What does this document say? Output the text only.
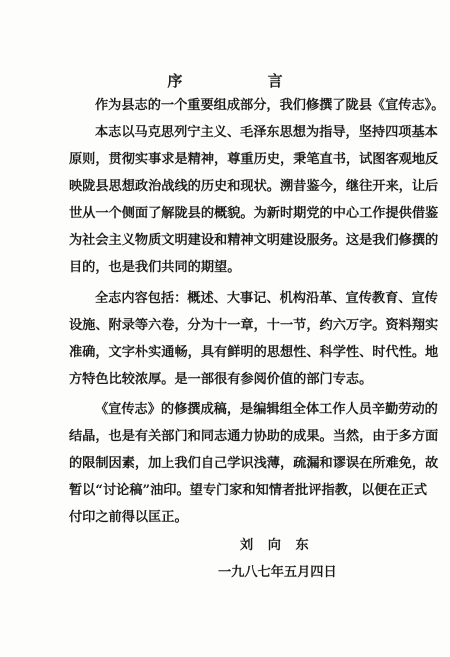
序 言
作为县志的一个重要组成部分，我们修撰了陇县《宣传志》。
本志以马克思列宁主义、毛泽东思想为指导，坚持四项基本
原则，贯彻实事求是精神，尊重历史，秉笔直书，试图客观地反
映陇县思想政治战线的历史和现状。溯昔鉴今，继往开来，让后
世从一个侧面了解陇县的概貌。为新时期党的中心工作提供借鉴
为社会主义物质文明建设和精神文明建设服务。这是我们修撰的
目的，也是我们共同的期望。
全志内容包括：概述、大事记、机构沿革、宣传教育、宣传
设施、附录等六卷，分为十一章，十一节，约六万字。资料翔实
准确，文字朴实通畅，具有鲜明的思想性、科学性、时代性。地
方特色比较浓厚。是一部很有参阅价值的部门专志。
《宣传志》的修撰成稿，是编辑组全体工作人员辛勤劳动的
结晶，也是有关部门和同志通力协助的成果。当然，由于多方面
的限制因素，加上我们自己学识浅薄，疏漏和谬误在所难免，故
暂以“讨论稿”油印。望专门家和知情者批评指教，以便在正式
付印之前得以匡正。
刘 向 东
一九八七年五月四日
